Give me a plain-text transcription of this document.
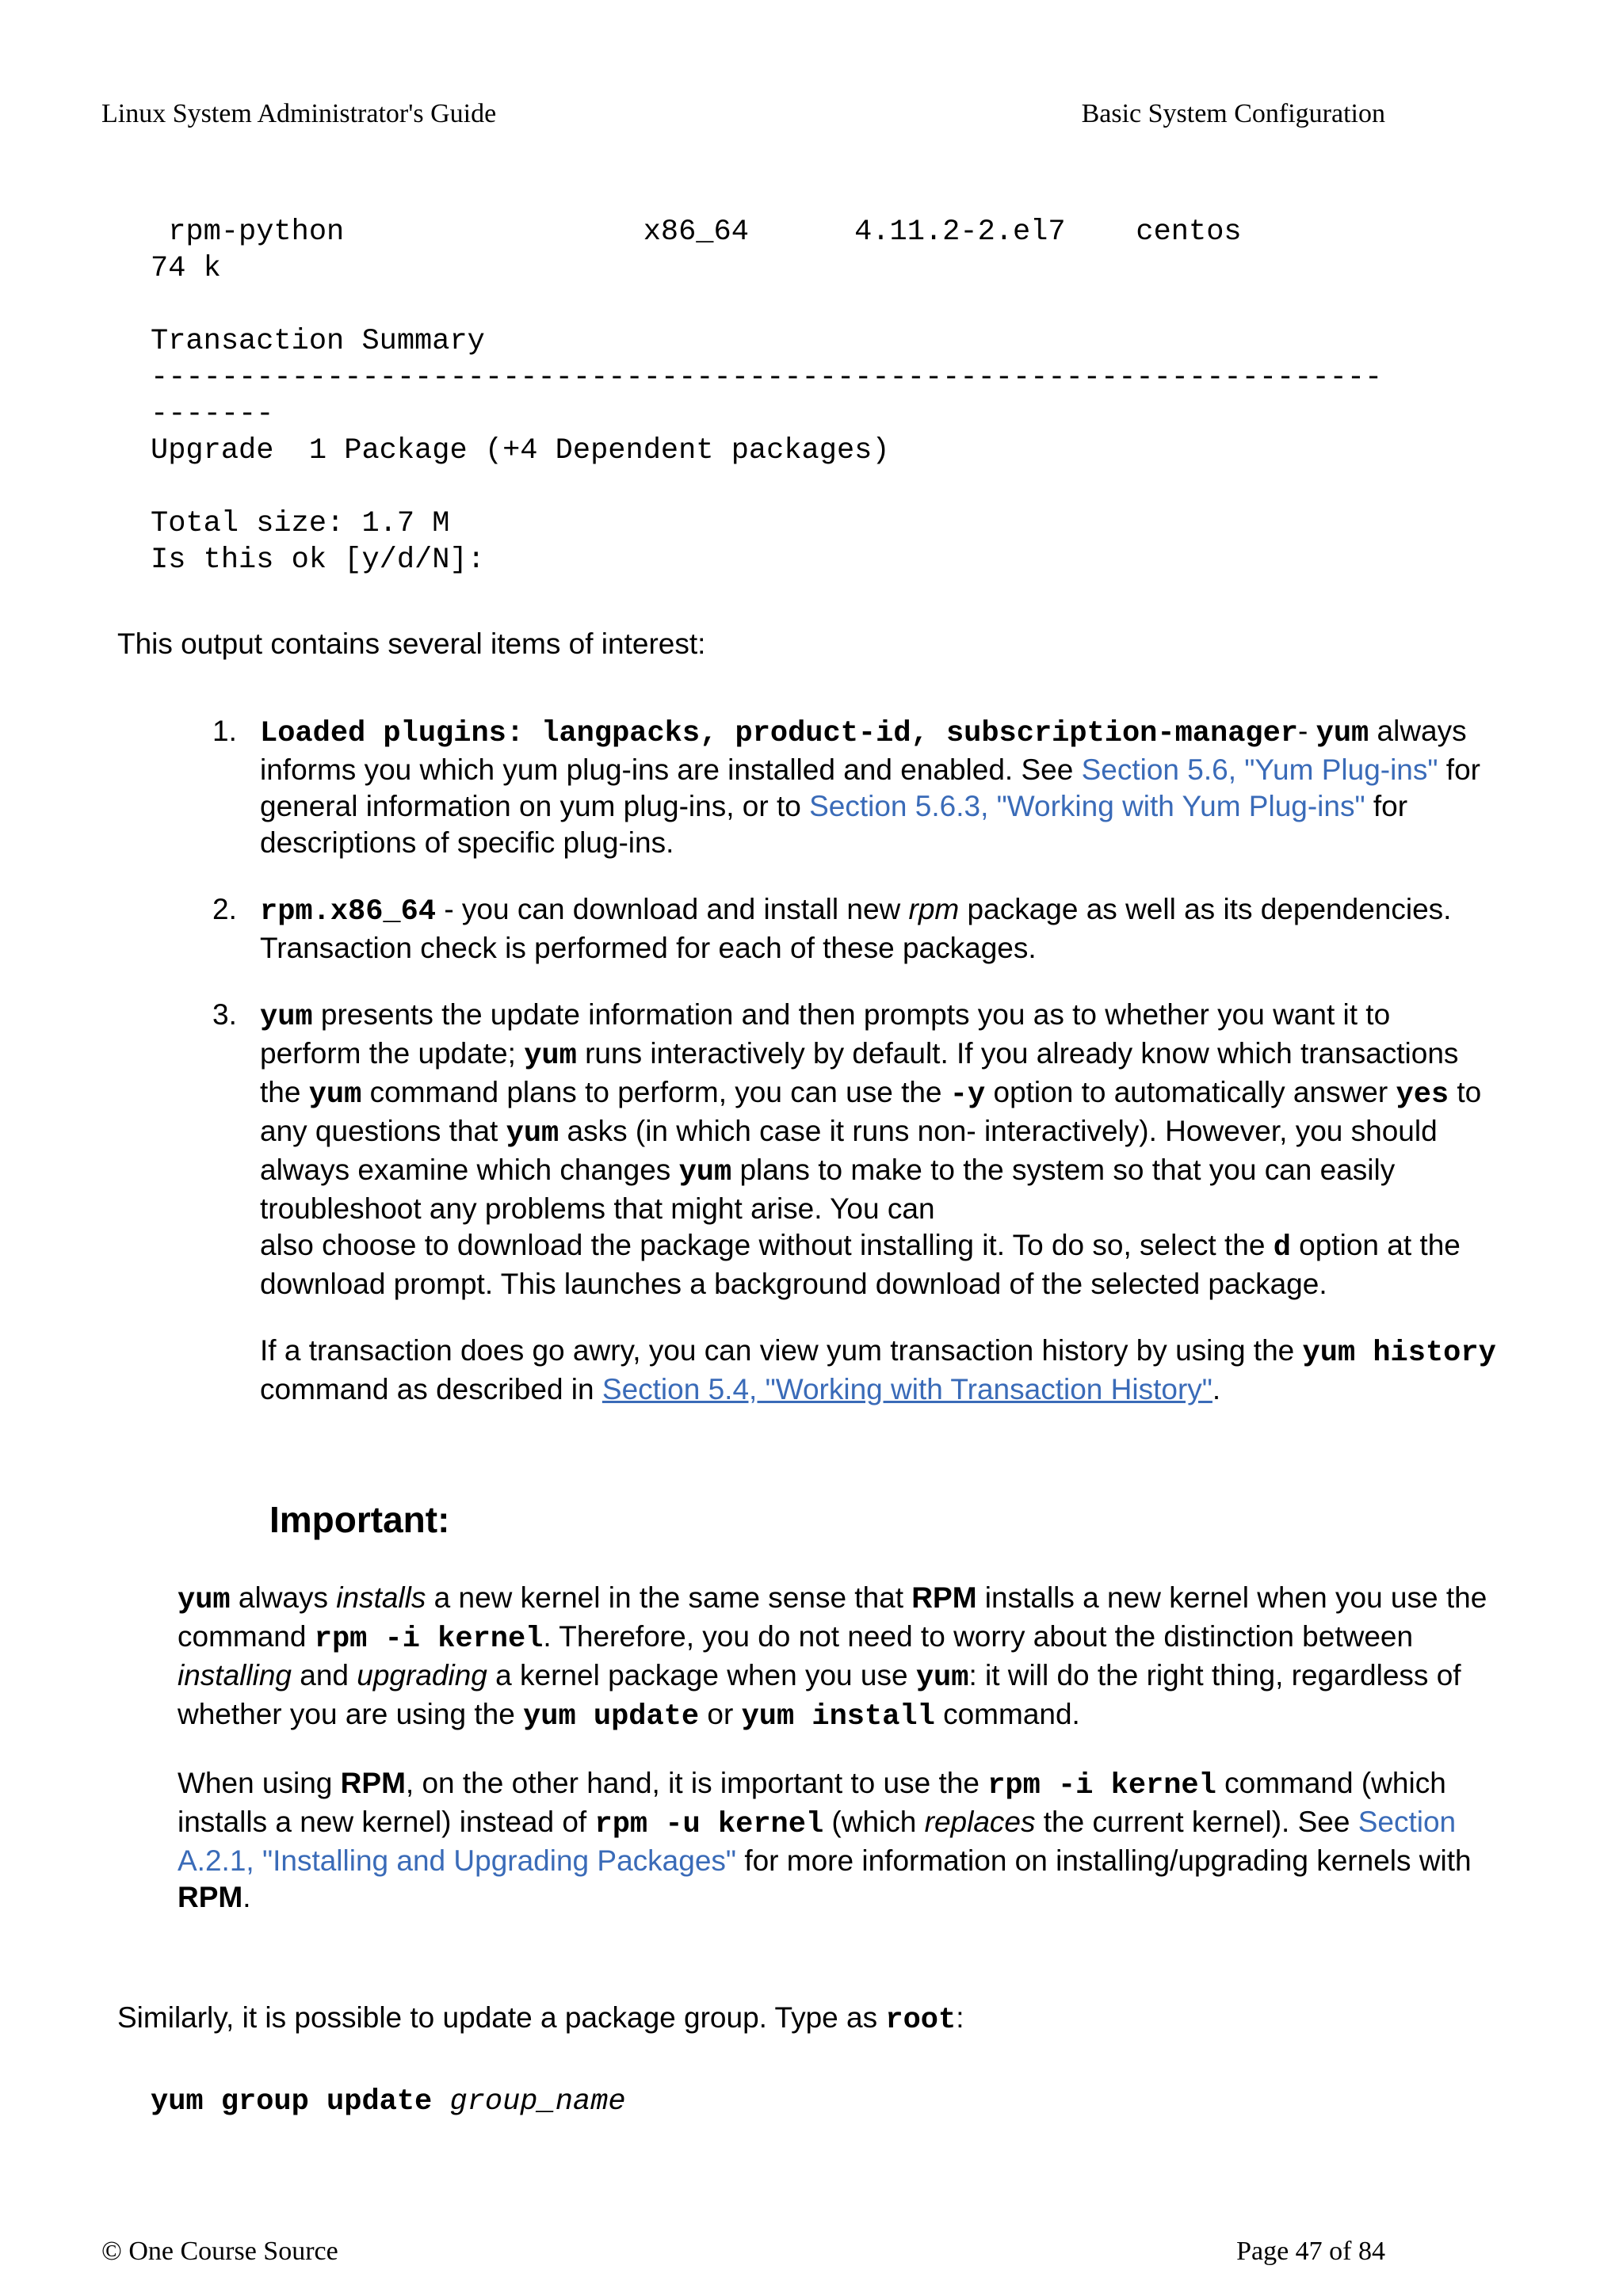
Linux System Administrator's Guide	Basic System Configuration
rpm-python                 x86_64      4.11.2-2.el7    centos
74 k

Transaction Summary
----------------------------------------------------------------------
-------
Upgrade  1 Package (+4 Dependent packages)

Total size: 1.7 M
Is this ok [y/d/N]:

This output contains several items of interest:

1. Loaded plugins: langpacks, product-id, subscription-manager- yum always informs you which yum plug-ins are installed and enabled. See Section 5.6, "Yum Plug-ins" for general information on yum plug-ins, or to Section 5.6.3, "Working with Yum Plug-ins" for descriptions of specific plug-ins.

2. rpm.x86_64 - you can download and install new rpm package as well as its dependencies. Transaction check is performed for each of these packages.

3. yum presents the update information and then prompts you as to whether you want it to perform the update; yum runs interactively by default. If you already know which transactions the yum command plans to perform, you can use the -y option to automatically answer yes to any questions that yum asks (in which case it runs non- interactively). However, you should always examine which changes yum plans to make to the system so that you can easily troubleshoot any problems that might arise. You can
also choose to download the package without installing it. To do so, select the d option at the download prompt. This launches a background download of the selected package.

If a transaction does go awry, you can view yum transaction history by using the yum history command as described in Section 5.4, "Working with Transaction History".

Important:

yum always installs a new kernel in the same sense that RPM installs a new kernel when you use the command rpm -i kernel. Therefore, you do not need to worry about the distinction between installing and upgrading a kernel package when you use yum: it will do the right thing, regardless of whether you are using the yum update or yum install command.

When using RPM, on the other hand, it is important to use the rpm -i kernel command (which installs a new kernel) instead of rpm -u kernel (which replaces the current kernel). See Section A.2.1, "Installing and Upgrading Packages" for more information on installing/upgrading kernels with RPM.

Similarly, it is possible to update a package group. Type as root:

yum group update group_name
© One Course Source	Page 47 of 84
